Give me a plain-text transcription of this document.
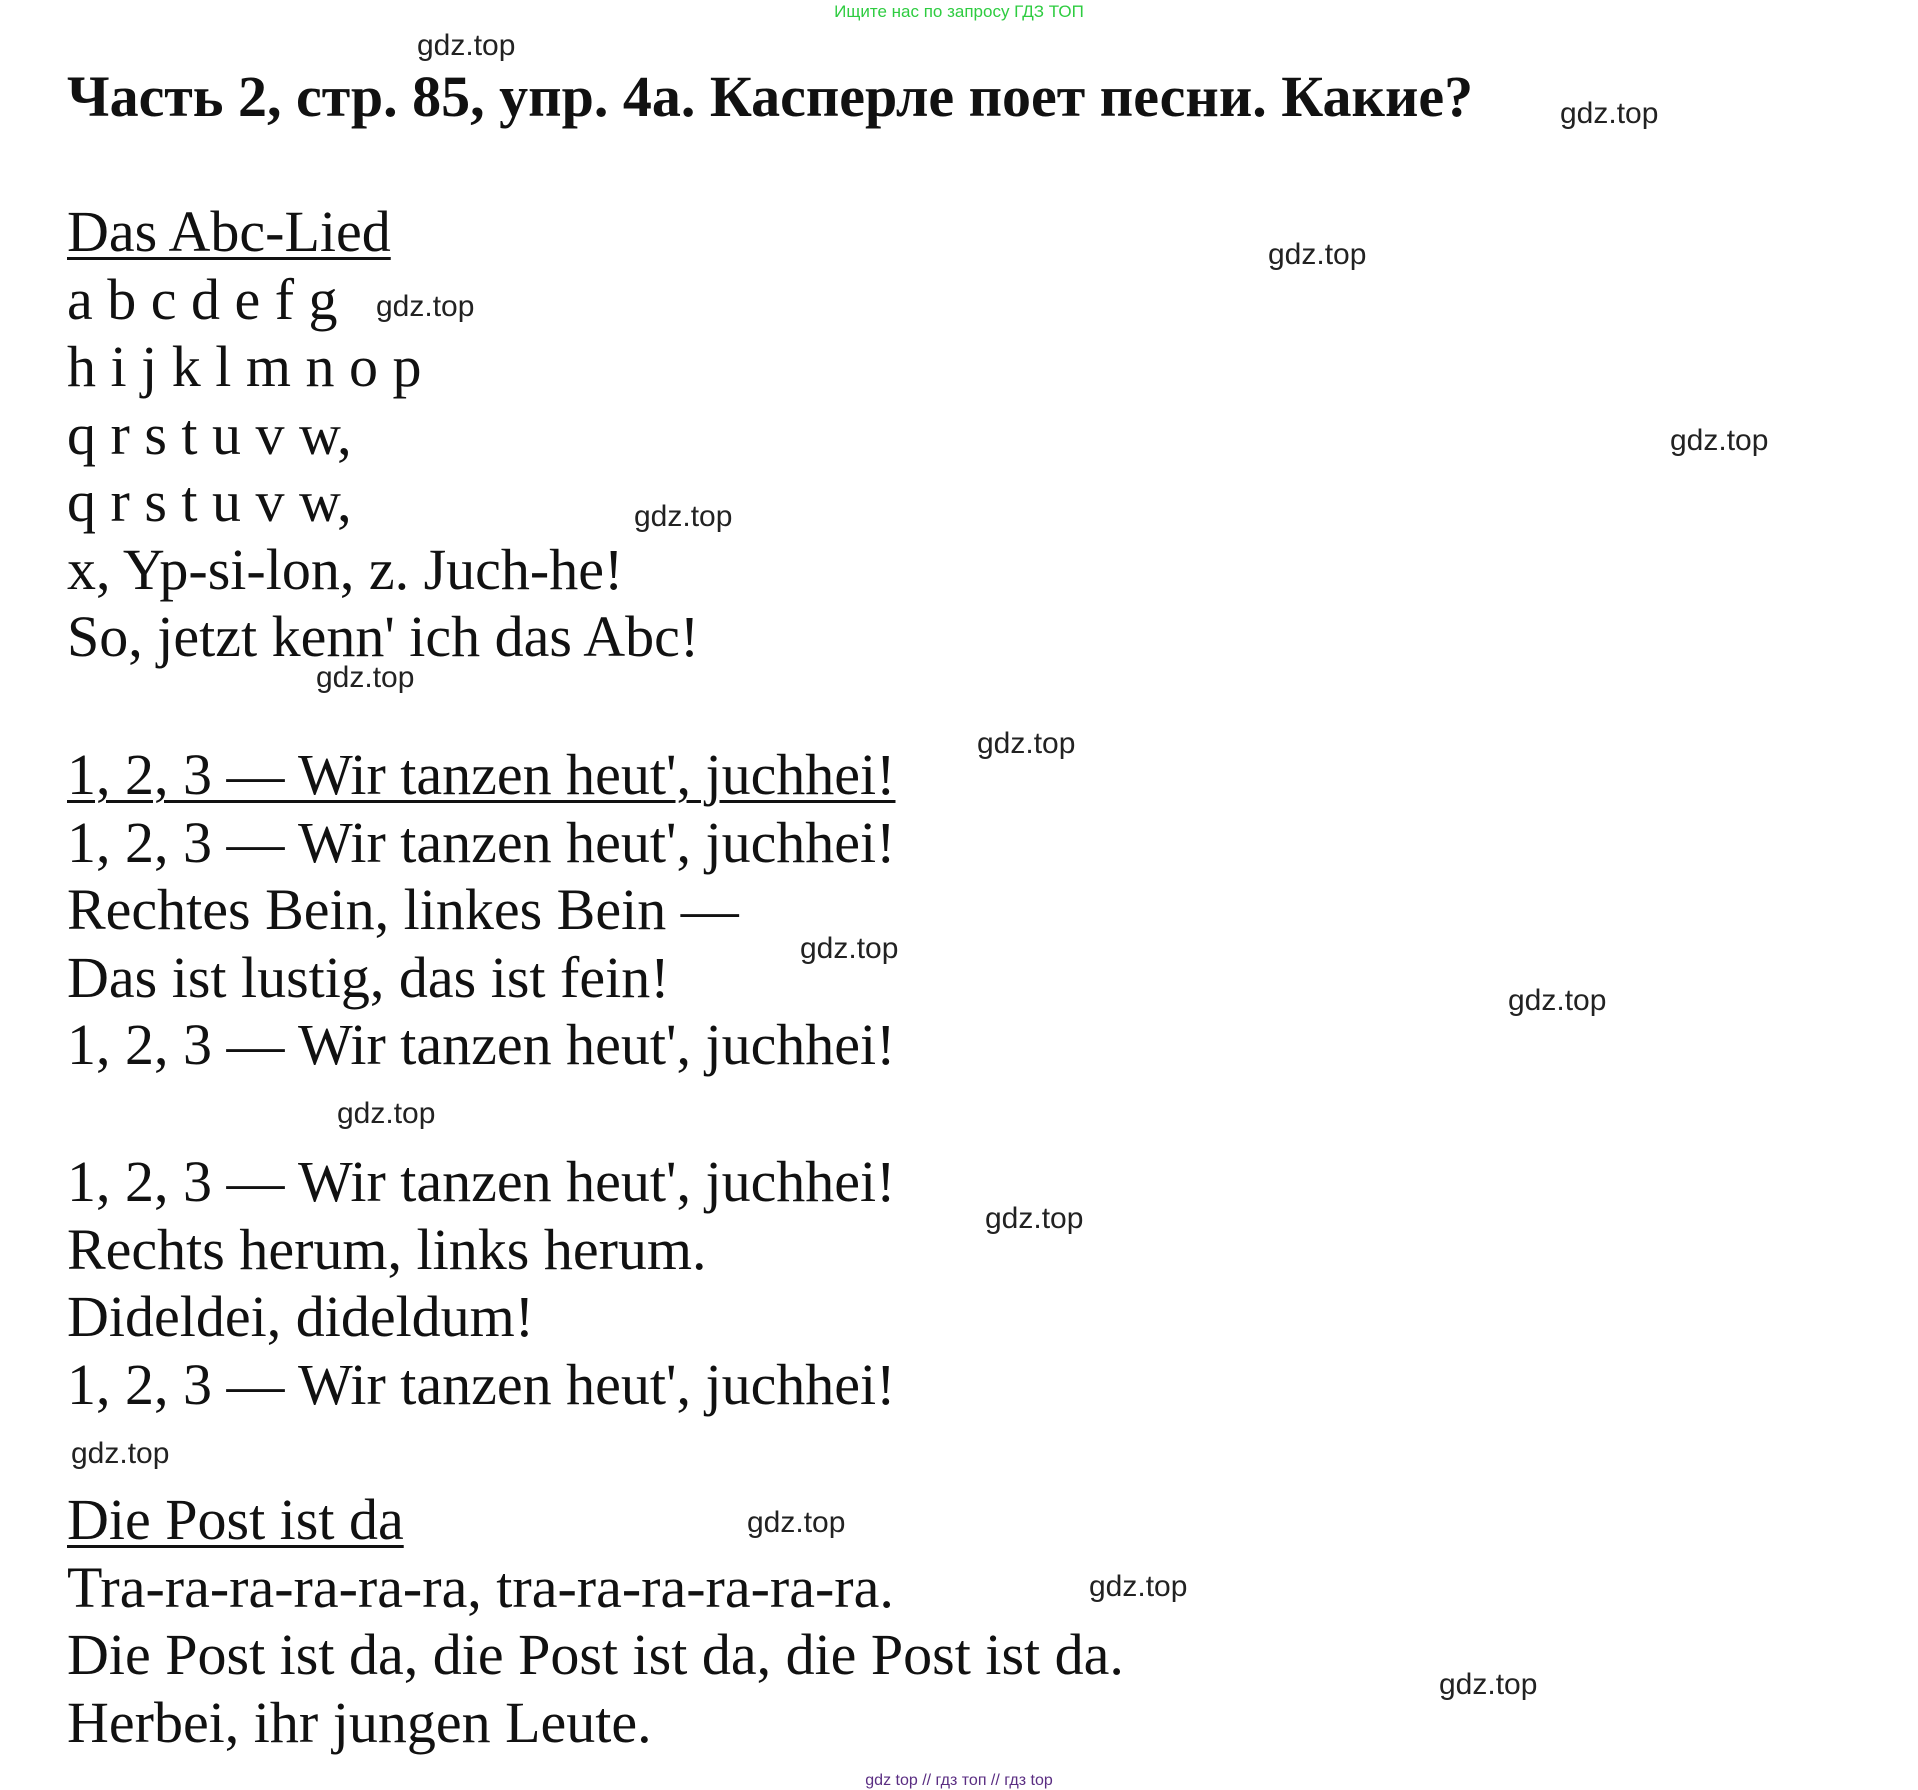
Ищите нас по запросу ГДЗ ТОП
Часть 2, стр. 85, упр. 4а. Касперле поет песни. Какие?
Das Abc-Lied
a b c d e f g
h i j k l m n o p
q r s t u v w,
q r s t u v w,
x, Yp-si-lon, z. Juch-he!
So, jetzt kenn' ich das Abc!
1, 2, 3 — Wir tanzen heut', juchhei!
1, 2, 3 — Wir tanzen heut', juchhei!
Rechtes Bein, linkes Bein —
Das ist lustig, das ist fein!
1, 2, 3 — Wir tanzen heut', juchhei!
1, 2, 3 — Wir tanzen heut', juchhei!
Rechts herum, links herum.
Dideldei, dideldum!
1, 2, 3 — Wir tanzen heut', juchhei!
Die Post ist da
Tra-ra-ra-ra-ra-ra, tra-ra-ra-ra-ra-ra.
Die Post ist da, die Post ist da, die Post ist da.
Herbei, ihr jungen Leute.
gdz.top
gdz.top
gdz.top
gdz.top
gdz.top
gdz.top
gdz.top
gdz.top
gdz.top
gdz.top
gdz.top
gdz.top
gdz.top
gdz.top
gdz.top
gdz.top
gdz top // гдз топ // гдз top
